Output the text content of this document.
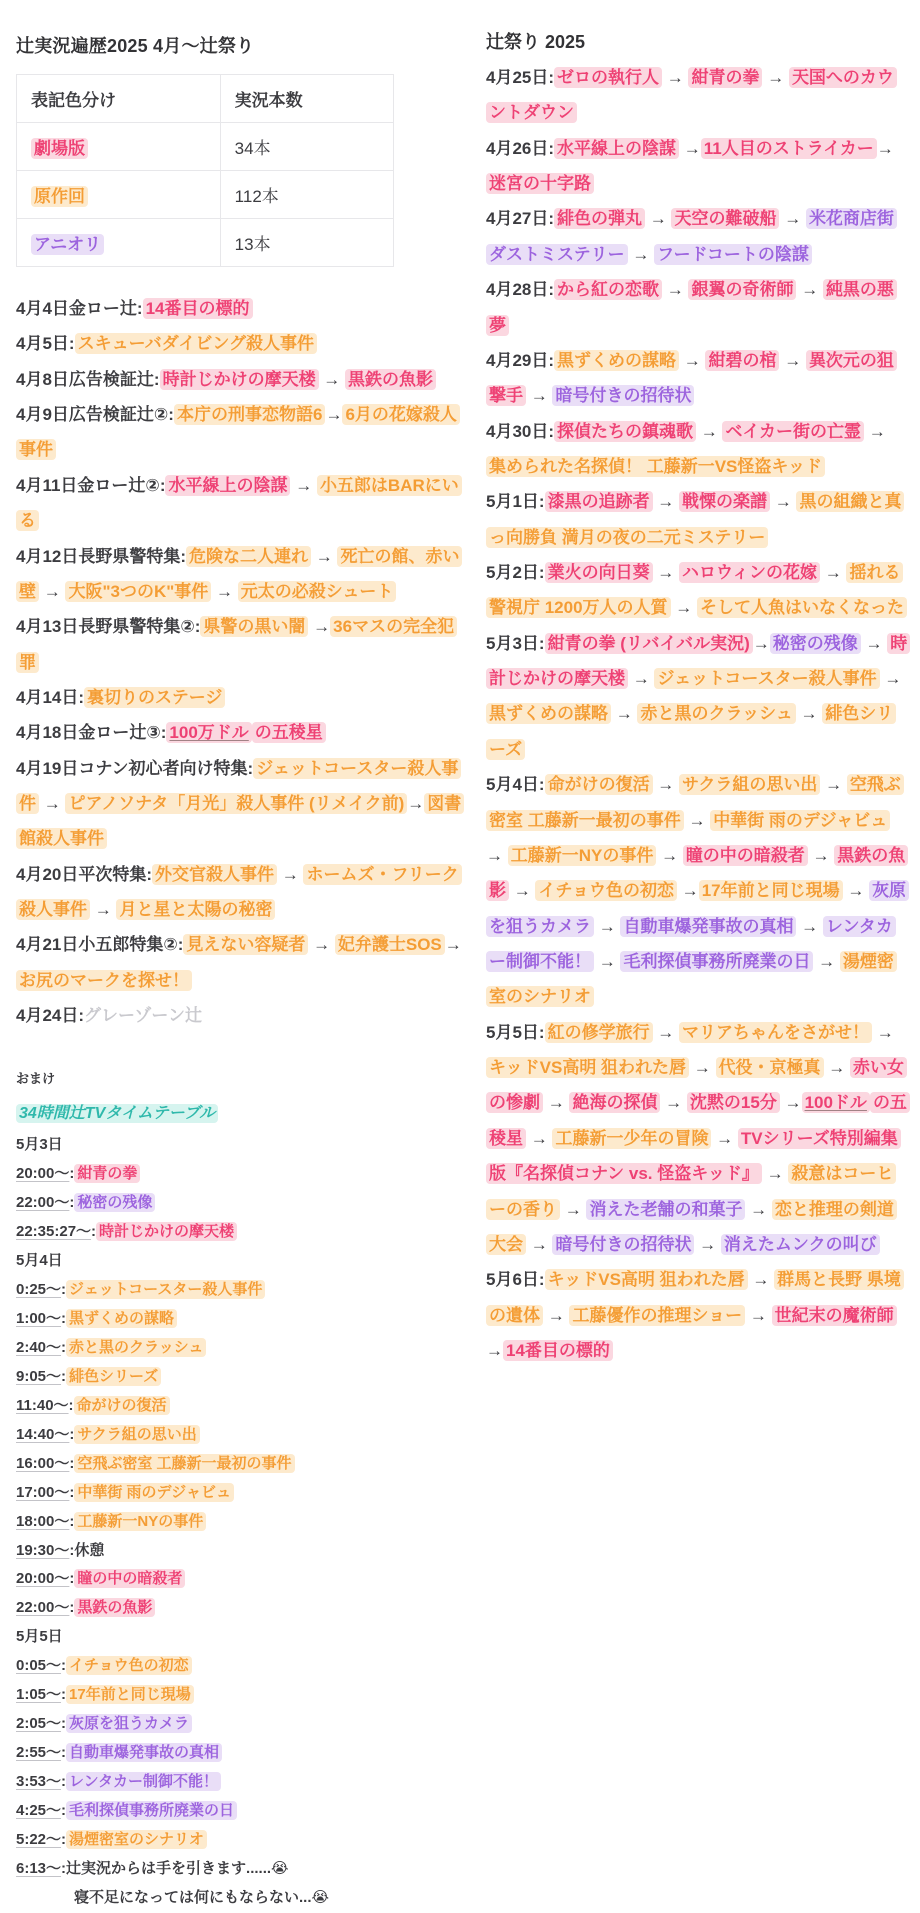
辻実況遍歴2025 4月～辻祭り
表記色分け	実況本数
劇場版	34本
原作回	112本
アニオリ	13本

4月4日金ロー辻: 14番目の標的

4月5日: スキューバダイビング殺人事件

4月8日広告検証辻: 時計じかけの摩天楼 → 黒鉄の魚影

4月9日広告検証辻②: 本庁の刑事恋物語6 → 6月の花嫁殺人事件

4月11日金ロー辻②: 水平線上の陰謀 → 小五郎はBARにいる

4月12日長野県警特集: 危険な二人連れ → 死亡の館、赤い壁 → 大阪"3つのK"事件 → 元太の必殺シュート

4月13日長野県警特集②: 県警の黒い闇 → 36マスの完全犯罪

4月14日: 裏切りのステージ

4月18日金ロー辻③: 100万ドル の五稜星

4月19日コナン初心者向け特集: ジェットコースター殺人事件 → ピアノソナタ「月光」殺人事件 (リメイク前) → 図書館殺人事件

4月20日平次特集: 外交官殺人事件 → ホームズ・フリーク殺人事件 → 月と星と太陽の秘密

4月21日小五郎特集②: 見えない容疑者 → 妃弁護士SOS →お尻のマークを探せ！

4月24日:グレーゾーン辻

おまけ

34時間辻TVタイムテーブル

5月3日

20:00〜: 紺青の拳

22:00〜: 秘密の残像

22:35:27〜: 時計じかけの摩天楼

5月4日

0:25〜: ジェットコースター殺人事件

1:00〜: 黒ずくめの謀略

2:40〜: 赤と黒のクラッシュ

9:05〜: 緋色シリーズ

11:40〜: 命がけの復活

14:40〜: サクラ組の思い出

16:00〜: 空飛ぶ密室 工藤新一最初の事件

17:00〜: 中華街 雨のデジャビュ

18:00〜: 工藤新一NYの事件

19:30〜:休憩

20:00〜: 瞳の中の暗殺者

22:00〜: 黒鉄の魚影

5月5日

0:05〜: イチョウ色の初恋

1:05〜: 17年前と同じ現場

2:05〜: 灰原を狙うカメラ

2:55〜: 自動車爆発事故の真相

3:53〜: レンタカー制御不能！

4:25〜: 毛利探偵事務所廃業の日

5:22〜: 湯煙密室のシナリオ

6:13〜:辻実況からは手を引きます......😭

寝不足になっては何にもならない...😭

辻祭り 2025

4月25日: ゼロの執行人 → 紺青の拳 → 天国へのカウントダウン

4月26日: 水平線上の陰謀 → 11人目のストライカー → 迷宮の十字路

4月27日: 緋色の弾丸 → 天空の難破船 → 米花商店街ダストミステリー → フードコートの陰謀

4月28日: から紅の恋歌 → 銀翼の奇術師 → 純黒の悪夢

4月29日: 黒ずくめの謀略 → 紺碧の棺 → 異次元の狙撃手 → 暗号付きの招待状

4月30日: 探偵たちの鎮魂歌 → ベイカー街の亡霊 → 集められた名探偵！ 工藤新一VS怪盗キッド

5月1日: 漆黒の追跡者 → 戦慄の楽譜 → 黒の組織と真っ向勝負 満月の夜の二元ミステリー

5月2日: 業火の向日葵 → ハロウィンの花嫁 → 揺れる警視庁 1200万人の人質 → そして人魚はいなくなった

5月3日: 紺青の拳 (リバイバル実況) → 秘密の残像 → 時計じかけの摩天楼 → ジェットコースター殺人事件 → 黒ずくめの謀略 → 赤と黒のクラッシュ → 緋色シリーズ

5月4日: 命がけの復活 → サクラ組の思い出 → 空飛ぶ密室 工藤新一最初の事件 → 中華街 雨のデジャビュ → 工藤新一NYの事件 → 瞳の中の暗殺者 → 黒鉄の魚影 → イチョウ色の初恋 → 17年前と同じ現場 → 灰原を狙うカメラ → 自動車爆発事故の真相 → レンタカー制御不能！ → 毛利探偵事務所廃業の日 → 湯煙密室のシナリオ

5月5日: 紅の修学旅行 → マリアちゃんをさがせ！ → キッドVS高明 狙われた唇 → 代役・京極真 → 赤い女の惨劇 → 絶海の探偵 → 沈黙の15分 → 100ドル の五稜星 → 工藤新一少年の冒険 → TVシリーズ特別編集版『名探偵コナン vs. 怪盗キッド』 → 殺意はコーヒーの香り → 消えた老舗の和菓子 → 恋と推理の剣道大会 → 暗号付きの招待状 → 消えたムンクの叫び

5月6日: キッドVS高明 狙われた唇 → 群馬と長野 県境の遺体 → 工藤優作の推理ショー → 世紀末の魔術師 → 14番目の標的
